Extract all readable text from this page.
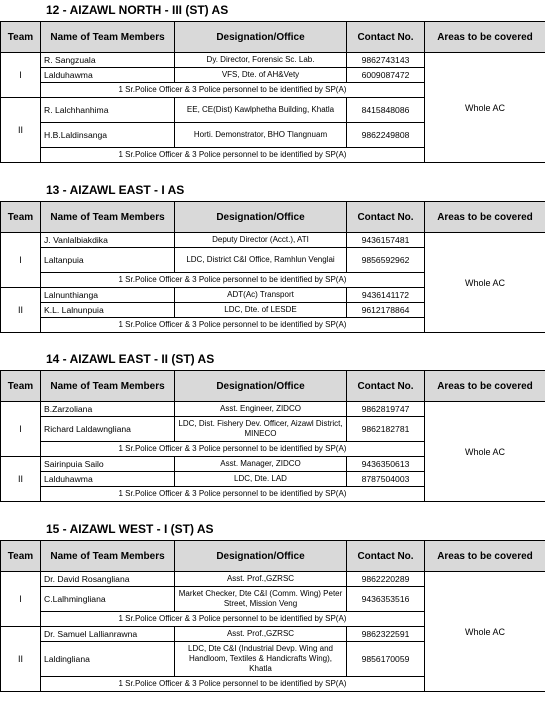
12 - AIZAWL NORTH - III (ST) AS
Team	Name of Team Members	Designation/Office	Contact No.	Areas to be covered
I	R. Sangzuala	Dy. Director, Forensic Sc. Lab.	9862743143	Whole AC
	Lalduhawma	VFS, Dte. of AH&Vety	6009087472	
	1 Sr.Police Officer & 3 Police personnel to be identified by SP(A)			
II	R. Lalchhanhima	EE, CE(Dist) Kawlphetha Building, Khatla	8415848086	
	H.B.Laldinsanga	Horti. Demonstrator, BHO Tlangnuam	9862249808	
	1 Sr.Police Officer & 3 Police personnel to be identified by SP(A)			
13 - AIZAWL EAST - I AS
Team	Name of Team Members	Designation/Office	Contact No.	Areas to be covered
I	J. Vanlalbiakdika	Deputy Director (Acct.), ATI	9436157481	Whole AC
	Laltanpuia	LDC, District C&I Office, Ramhlun Venglai	9856592962	
	1 Sr.Police Officer & 3 Police personnel to be identified by SP(A)			
II	Lalnunthianga	ADT(Ac) Transport	9436141172	
	K.L. Lalnunpuia	LDC, Dte. of LESDE	9612178864	
	1 Sr.Police Officer & 3 Police personnel to be identified by SP(A)			
14 - AIZAWL EAST - II (ST) AS
Team	Name of Team Members	Designation/Office	Contact No.	Areas to be covered
I	B.Zarzoliana	Asst. Engineer, ZIDCO	9862819747	Whole AC
	Richard Laldawngliana	LDC, Dist. Fishery Dev. Officer, Aizawl District, MINECO	9862182781	
	1 Sr.Police Officer & 3 Police personnel to be identified by SP(A)			
II	Sairinpuia Sailo	Asst. Manager, ZIDCO	9436350613	
	Lalduhawma	LDC, Dte. LAD	8787504003	
	1 Sr.Police Officer & 3 Police personnel to be identified by SP(A)			
15 - AIZAWL WEST - I (ST) AS
Team	Name of Team Members	Designation/Office	Contact No.	Areas to be covered
I	Dr. David Rosangliana	Asst. Prof.,GZRSC	9862220289	Whole AC
	C.Lalhmingliana	Market Checker, Dte C&I (Comm. Wing) Peter Street, Mission Veng	9436353516	
	1 Sr.Police Officer & 3 Police personnel to be identified by SP(A)			
II	Dr. Samuel Lallianrawna	Asst. Prof.,GZRSC	9862322591	
	Laldingliana	LDC, Dte C&I (Industrial Devp. Wing and Handloom, Textiles & Handicrafts Wing), Khatla	9856170059	
	1 Sr.Police Officer & 3 Police personnel to be identified by SP(A)			
